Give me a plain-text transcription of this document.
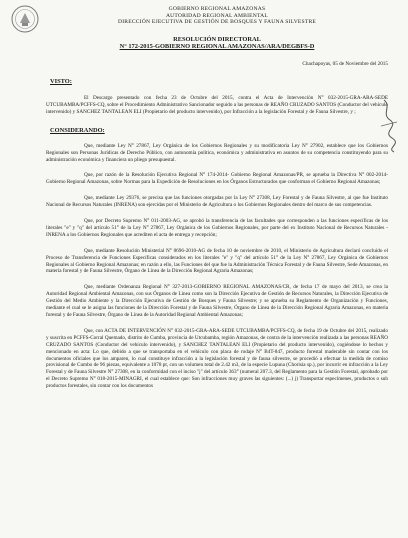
GOBIERNO REGIONAL AMAZONAS
AUTORIDAD REGIONAL AMBIENTAL
DIRECCIÓN EJECUTIVA DE GESTIÓN DE BOSQUES Y FAUNA SILVESTRE
RESOLUCIÓN DIRECTORAL
N° 172-2015-GOBIERNO REGIONAL AMAZONAS/ARA/DEGBFS-D
Chachapoyas, 05 de Noviembre del 2015
VISTO:

El Descargo presentado con fecha 23 de Octubre del 2015, contra el Acta de Intervención N° 032-2015-GRA-ARA-SEDE UTCUBAMBA/PCFFS-CQ, sobre el Procedimiento Administrativo Sancionador seguido a las personas de REAÑO CRUZADO SANTOS (Conductor del vehículo intervenido) y SANCHEZ TANTALEAN ELI (Propietario del producto intervenido), por Infracción a la legislación Forestal y de Fauna Silvestre, y ;

CONSIDERANDO:

Que, mediante Ley N° 27867, Ley Orgánica de los Gobiernos Regionales y su modificatoria Ley N° 27902, establece que los Gobiernos Regionales son Personas Jurídicas de Derecho Público, con autonomía política, económica y administrativa en asuntos de su competencia constituyendo para su administración económica y financiera un pliego presupuestal.

Que, por razón de la Resolución Ejecutiva Regional N° 174-2014- Gobierno Regional Amazonas/PR, se aprueba la Directiva N° 002-2014-Gobierno Regional Amazonas, sobre Normas para la Expedición de Resoluciones en los Órganos Estructurados que conforman el Gobierno Regional Amazonas;

Que, mediante Ley 29376, se precisa que las funciones otorgadas por la Ley N° 27308, Ley Forestal y de Fauna Silvestre, al que fue Instituto Nacional de Recursos Naturales (INRENA) son ejercidas por el Ministerio de Agricultura o los Gobiernos Regionales dentro del marco de sus competencias.

Que, por Decreto Supremo N° 011-2003-AG, se aprobó la transferencia de las facultades que corresponden a las funciones específicas de los literales "e" y "q" del artículo 51° de la Ley N° 27867, Ley Orgánica de los Gobiernos Regionales, por parte del ex Instituto Nacional de Recursos Naturales - INRENA a los Gobiernos Regionales que acrediten el acta de entrega y recepción;

Que, mediante Resolución Ministerial N° 0696-2010-AG de fecha 10 de noviembre de 2010, el Ministerio de Agricultura declaró concluido el Proceso de Transferencia de Funciones Específicas considerados en los literales "e" y "q" del artículo 51° de la Ley N° 27867, Ley Orgánica de Gobiernos Regionales al Gobierno Regional Amazonas; en razón a ello, las Funciones del que fue la Administración Técnica Forestal y de Fauna Silvestre, Sede Amazonas, en materia forestal y de Fauna Silvestre, Órgano de Línea de la Dirección Regional Agraria Amazonas;

Que, mediante Ordenanza Regional N° 327-2013-GOBIERNO REGIONAL AMAZONAS/CR, de fecha 17 de mayo del 2013, se crea la Autoridad Regional Ambiental Amazonas, con sus Órganos de Línea como son la Dirección Ejecutiva de Gestión de Recursos Naturales, la Dirección Ejecutiva de Gestión del Medio Ambiente y la Dirección Ejecutiva de Gestión de Bosques y Fauna Silvestre; y se aprueba su Reglamento de Organización y Funciones, mediante el cual se le asigna las funciones de la Dirección Forestal y de Fauna Silvestre, Órgano de Línea de la Dirección Regional Agraria Amazonas, en materia forestal y de Fauna Silvestre, Órgano de Línea de la Autoridad Regional Ambiental Amazonas;

Que, con ACTA DE INTERVENCIÓN N° 032-2015-GRA-ARA-SEDE UTCUBAMBA/PCFFS-CQ, de fecha 19 de Octubre del 2015, realizado y suscrita en PCFFS-Corral Quemado, distrito de Cumba, provincia de Utcubamba, región Amazonas, de contra de la intervención realizada a las personas REAÑO CRUZADO SANTOS (Conductor del vehículo intervenido), y SANCHEZ TANTALEAN ELI (Propietario del producto intervenido), cogiéndose lo hechos y mencionado en acta: Lo que, debido a que se transportaba en el vehículo con placa de rodaje N° B4T-847, producto forestal maderable sin contar con los documentos oficiales que los amparen, lo cual constituye infracción a la legislación forestal y de fauna silvestre, se procedió a efectuar la medida de comiso provisional de Cumbo de 96 piezas, equivalente a 1078 pt, con un volumen total de 2.42 m3, de la especie Lupuna (Chorisia sp.), por incurrir en infracción a la Ley Forestal y de Fauna Silvestre N° 27308, en la conformidad con el inciso "j" del artículo 363° (numeral 207.3, del Reglamento para la Gestión Forestal, aprobado por el Decreto Supremo N° 018-2015-MINAGRI, el cual establece que: Son infracciones muy graves las siguientes: (...) j) Transportar especímenes, productos o sub productos forestales, sin contar con los documentos
